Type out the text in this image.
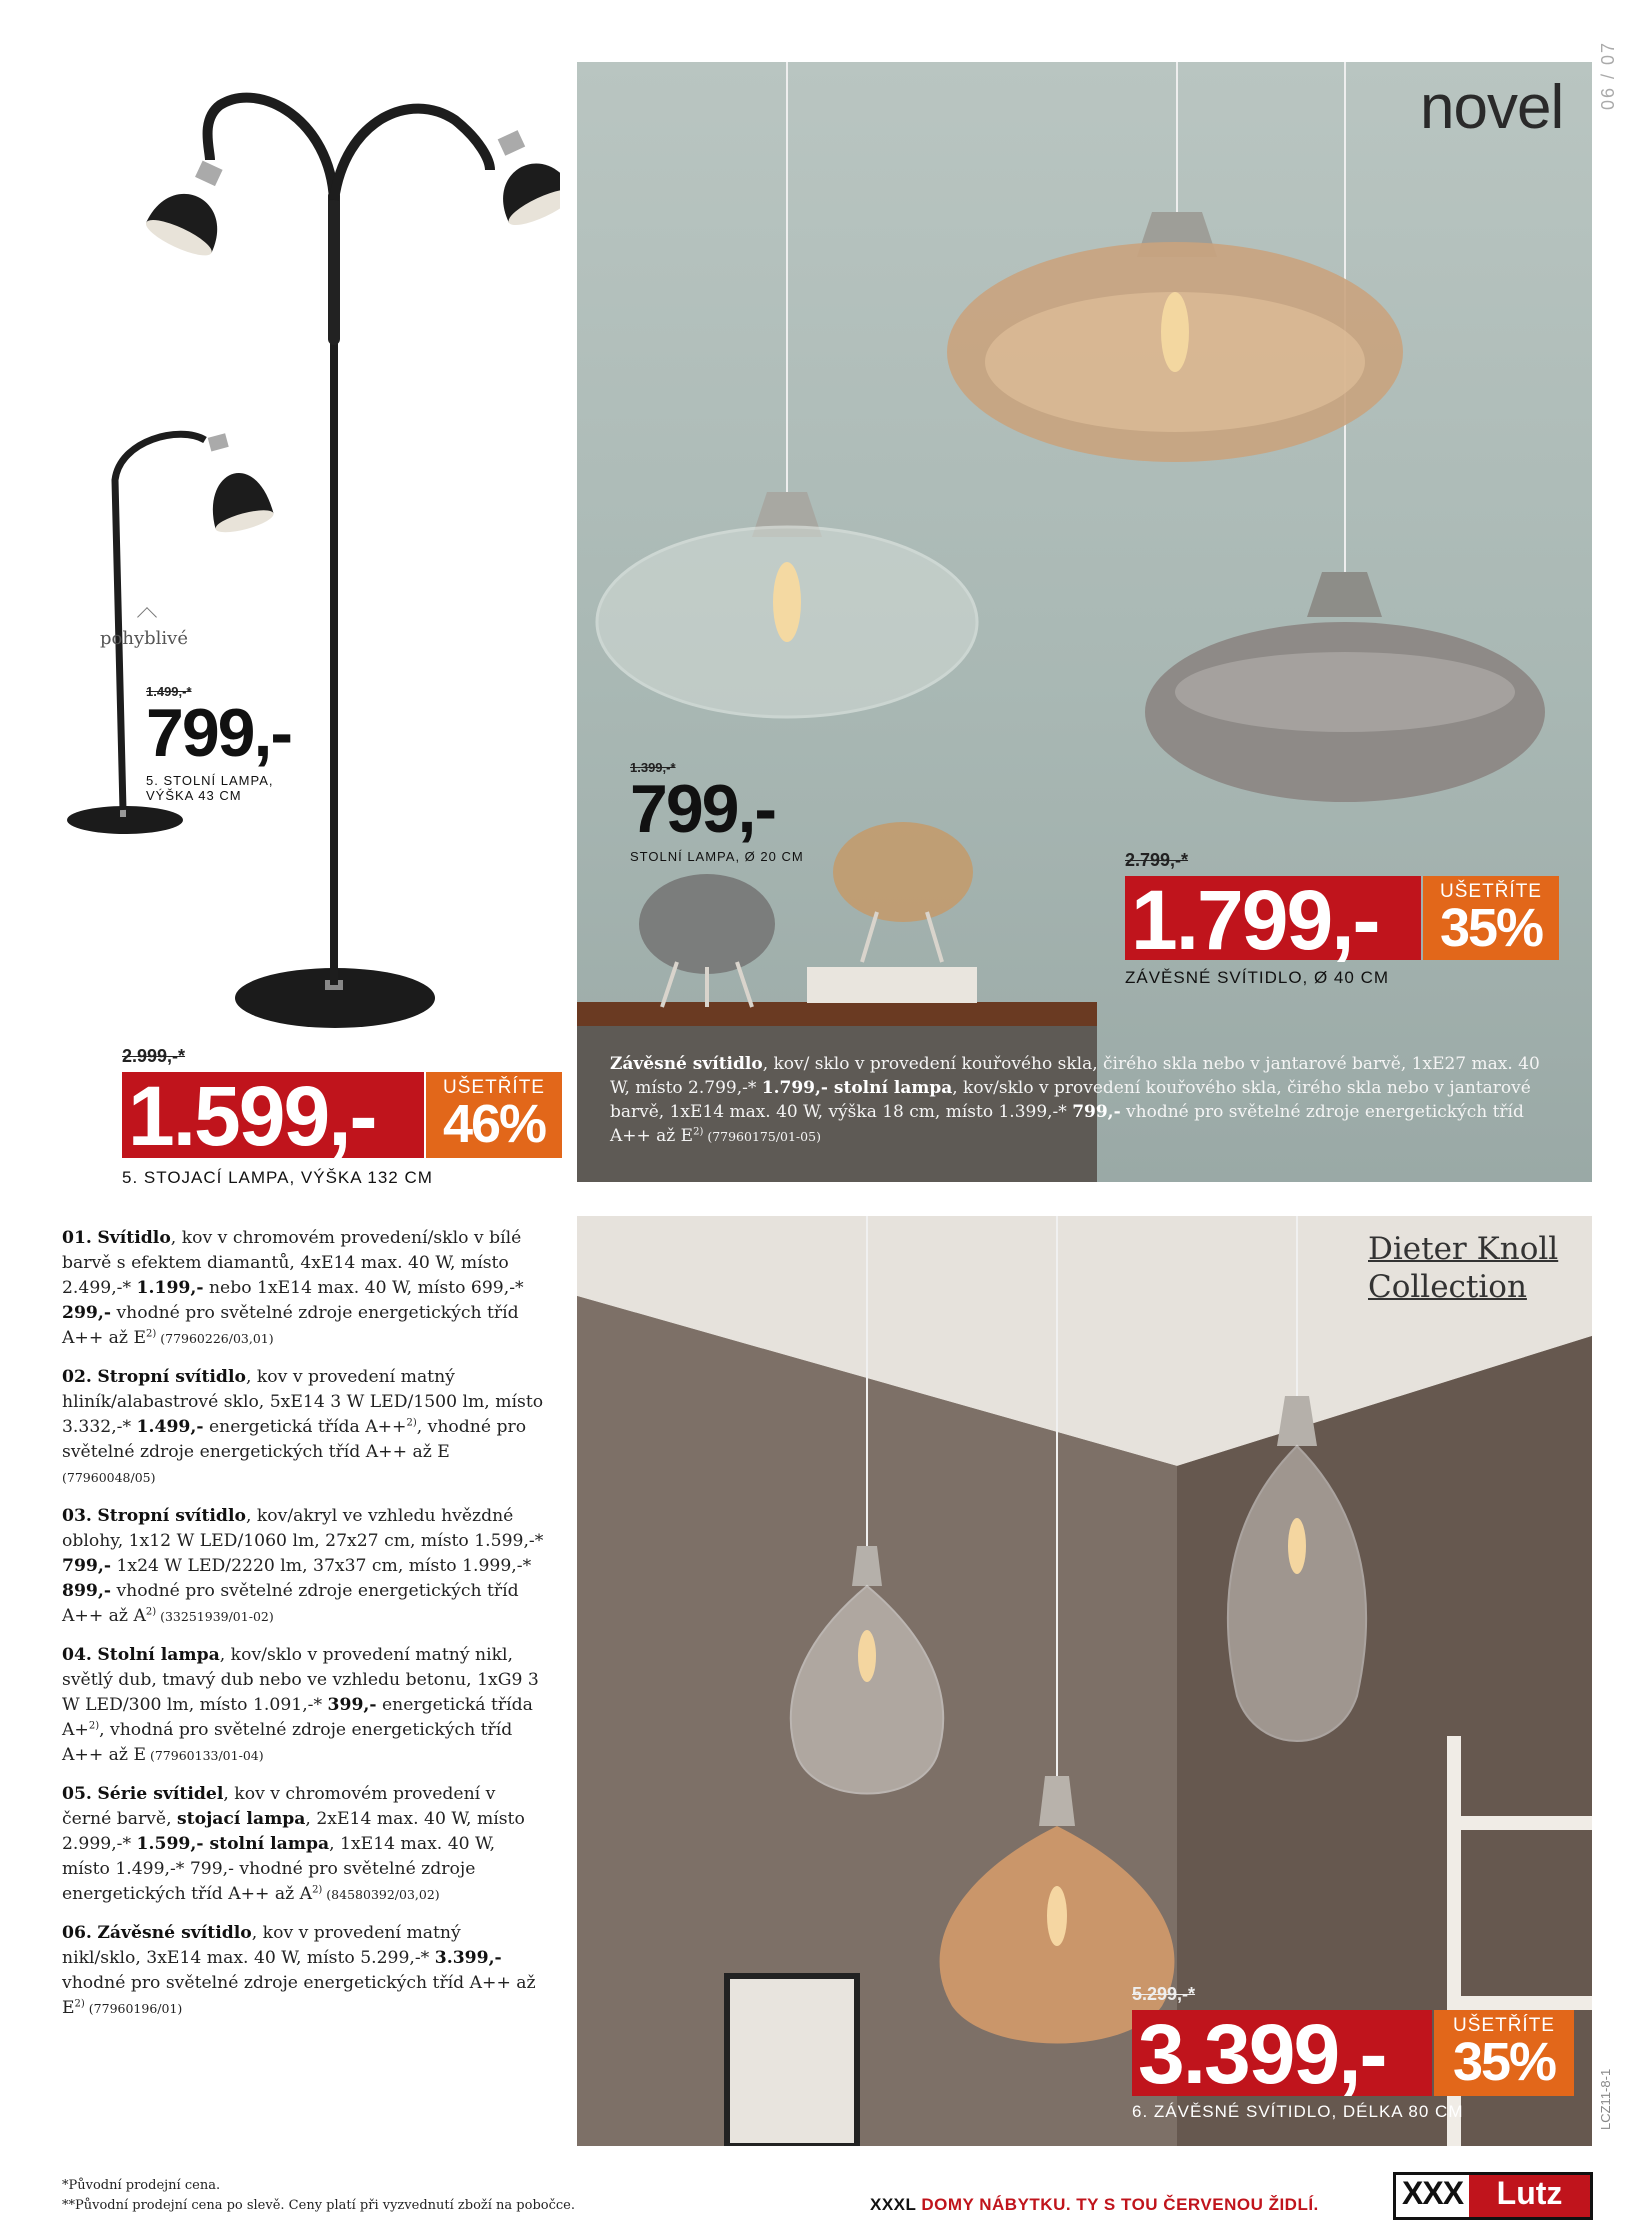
pohyblivé
1.499,-*
799,-
5. STOLNÍ LAMPA,
VÝŠKA 43 CM
2.999,-*
1.599,-	UŠETŘÍTE
46%
5. STOJACÍ LAMPA, VÝŠKA 132 CM
06 / 07
novel
1.399,-*
799,-
STOLNÍ LAMPA, Ø 20 CM	2.799,-*
1.799,-	UŠETŘÍTE
35%
ZÁVĚSNÉ SVÍTIDLO, Ø 40 CM
Závěsné svítidlo, kov/ sklo v provedení kouřového skla, čirého skla nebo v jantarové barvě, 1xE27 max. 40 W, místo 2.799,-* 1.799,- stolní lampa, kov/sklo v provedení kouřového skla, čirého skla nebo v jantarové barvě, 1xE14 max. 40 W, výška 18 cm, místo 1.399,-* 799,- vhodné pro světelné zdroje energetických tříd A++ až $E^{2)}$ (77960175/01-05)
Dieter Knoll
Collection
5.299,-*
3.399,-	UŠETŘÍTE
35%
6. ZÁVĚSNÉ SVÍTIDLO, DÉLKA 80 CM	LCZ11-8-1
01. Svítidlo, kov v chromovém provedení/sklo v bílé barvě s efektem diamantů, 4xE14 max. 40 W, místo 2.499,-* 1.199,- nebo 1xE14 max. 40 W, místo 699,-* 299,- vhodné pro světelné zdroje energetických tříd A++ až $E^{2)}$ (77960226/03,01)
02. Stropní svítidlo, kov v provedení matný hliník/alabastrové sklo, 5xE14 3 W LED/1500 lm, místo 3.332,-* 1.499,- energetická třída A++$^{2)}$, vhodné pro světelné zdroje energetických tříd A++ až E (77960048/05)
03. Stropní svítidlo, kov/akryl ve vzhledu hvězdné oblohy, 1x12 W LED/1060 lm, 27x27 cm, místo 1.599,-* 799,- 1x24 W LED/2220 lm, 37x37 cm, místo 1.999,-* 899,- vhodné pro světelné zdroje energetických tříd A++ až $A^{2)}$ (33251939/01-02)
04. Stolní lampa, kov/sklo v provedení matný nikl, světlý dub, tmavý dub nebo ve vzhledu betonu, 1xG9 3 W LED/300 lm, místo 1.091,-* 399,- energetická třída A+$^{2)}$, vhodná pro světelné zdroje energetických tříd A++ až E (77960133/01-04)
05. Série svítidel, kov v chromovém provedení v černé barvě, stojací lampa, 2xE14 max. 40 W, místo 2.999,-* 1.599,- stolní lampa, 1xE14 max. 40 W, místo 1.499,-* 799,- vhodné pro světelné zdroje energetických tříd A++ až $A^{2)}$ (84580392/03,02)
06. Závěsné svítidlo, kov v provedení matný nikl/sklo, 3xE14 max. 40 W, místo 5.299,-* 3.399,- vhodné pro světelné zdroje energetických tříd A++ až $E^{2)}$ (77960196/01)
*Původní prodejní cena.
**Původní prodejní cena po slevě. Ceny platí při vyzvednutí zboží na pobočce.	XXXL DOMY NÁBYTKU. TY S TOU ČERVENOU ŽIDLÍ.	XXX	Lutz
